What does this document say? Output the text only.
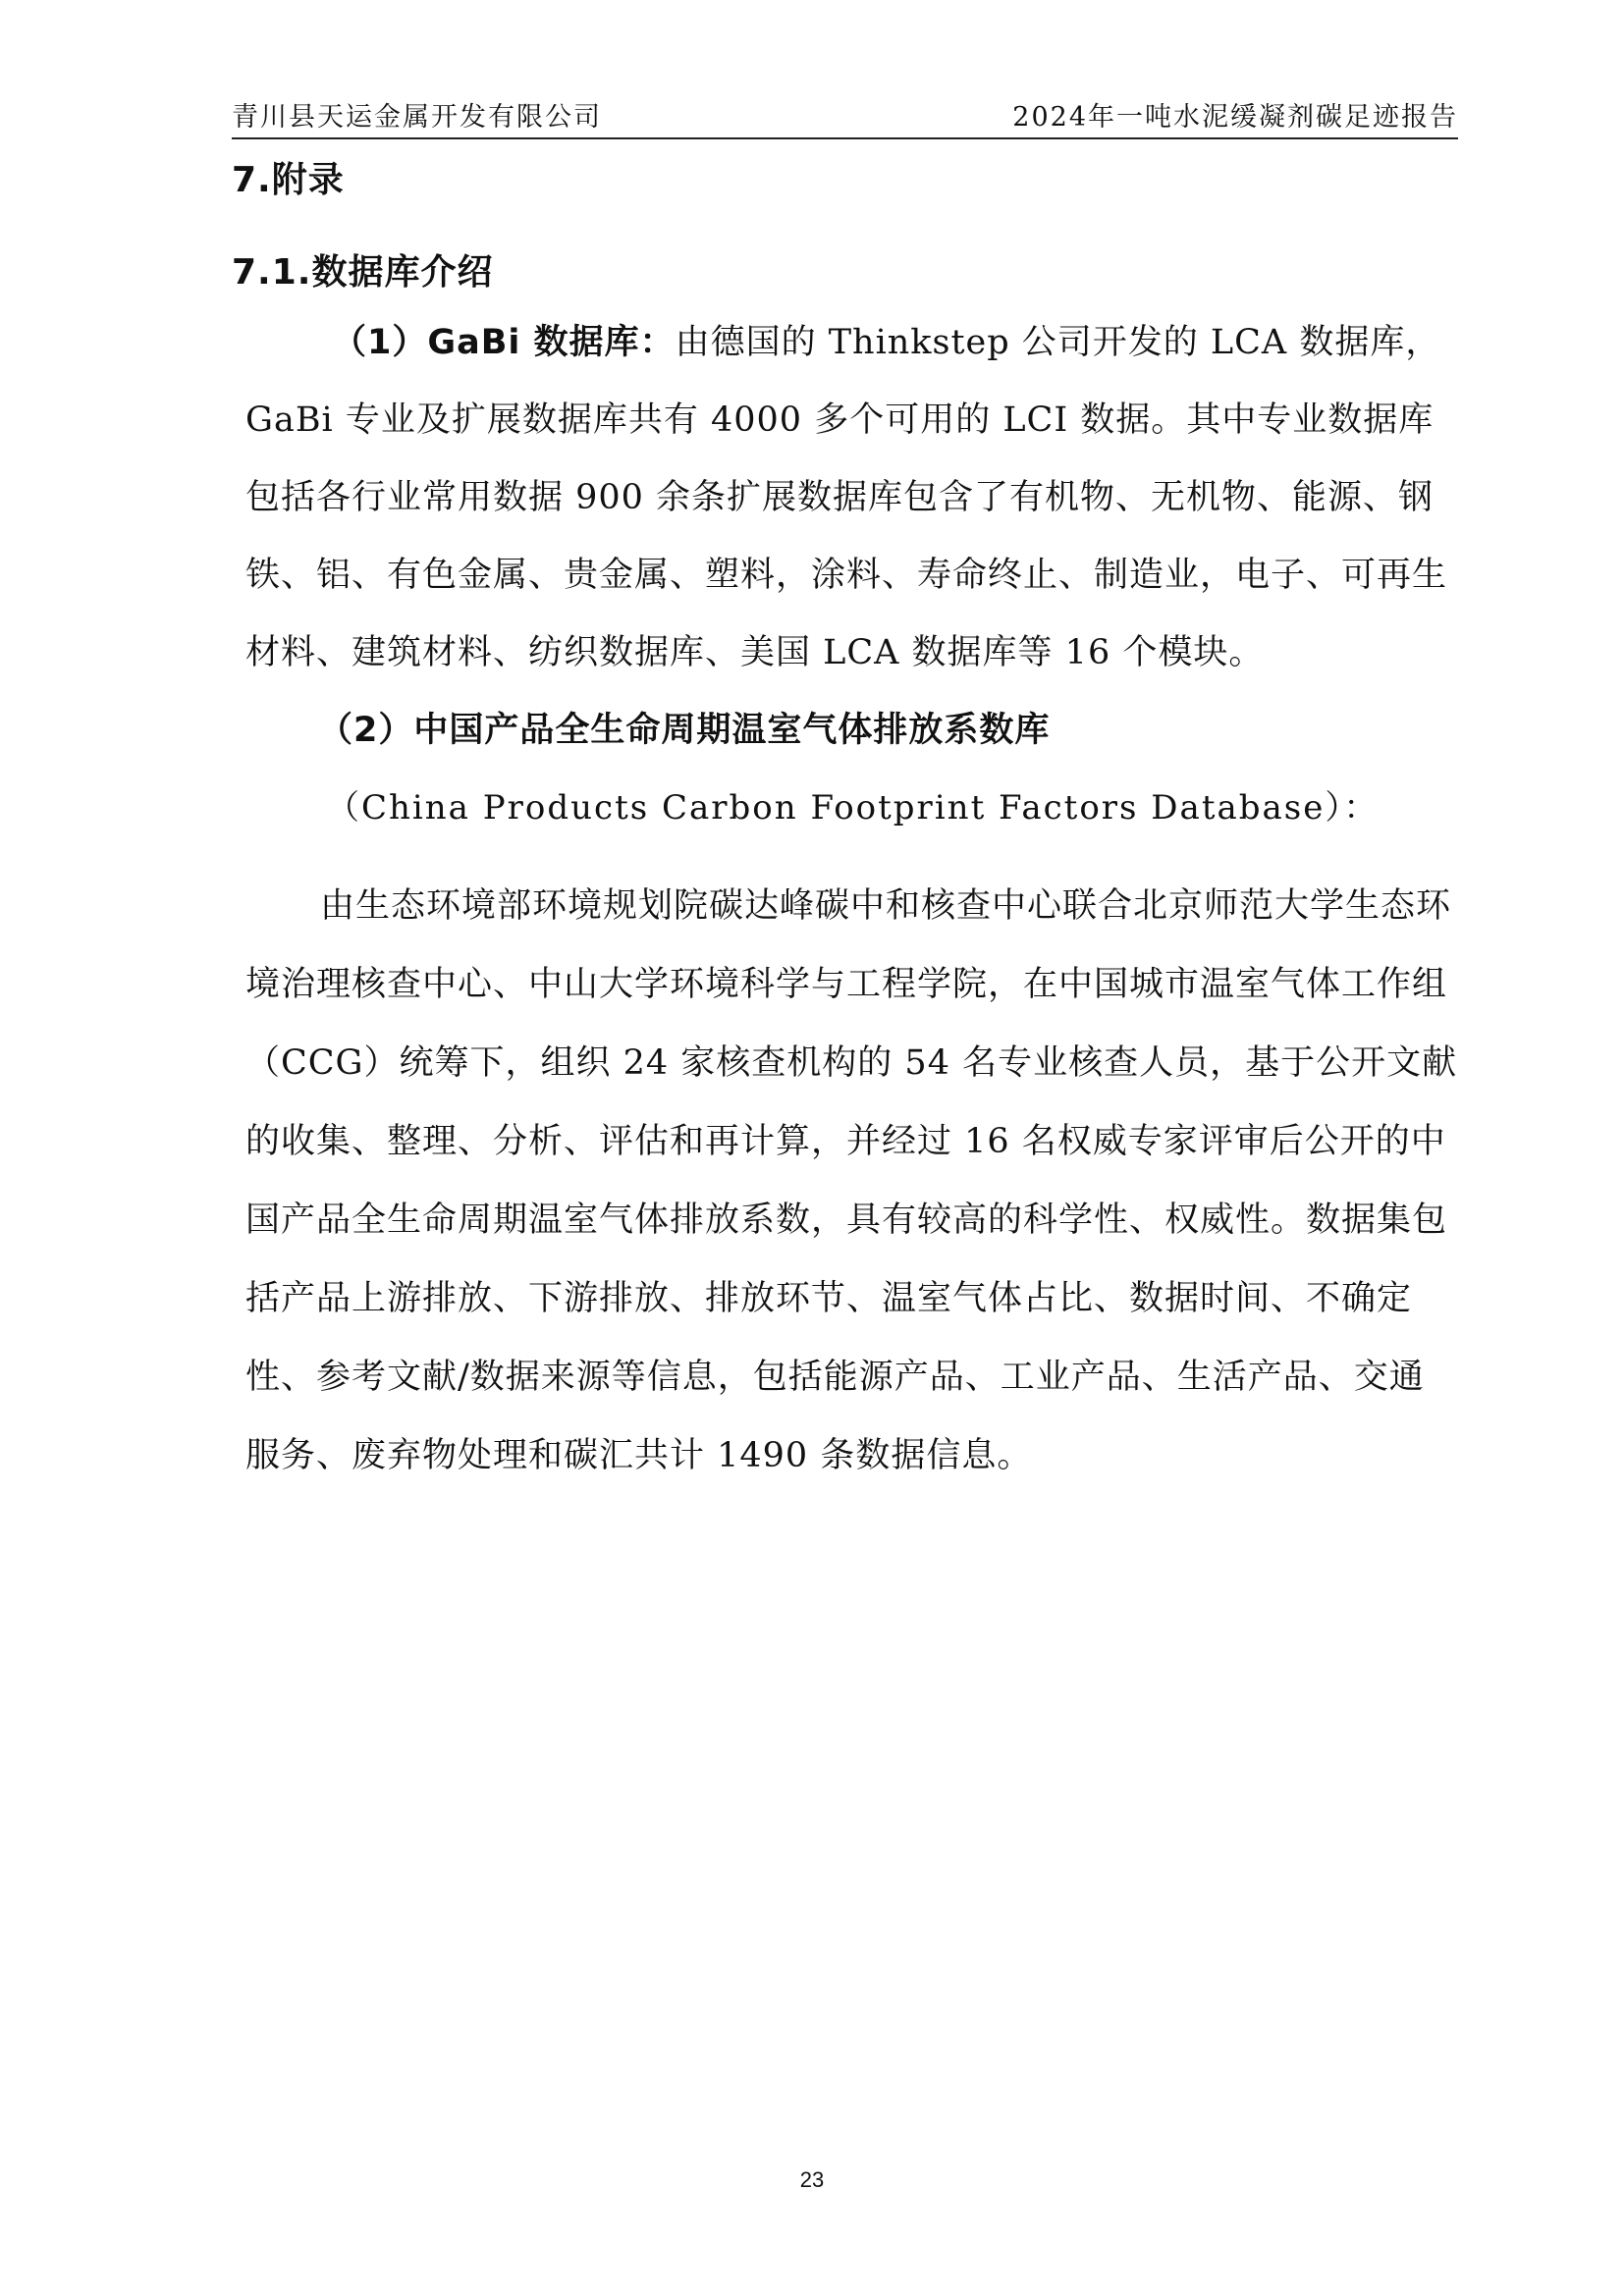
青川县天运金属开发有限公司	2024年一吨水泥缓凝剂碳足迹报告
7.附录
7.1.数据库介绍

（1）GaBi 数据库：由德国的 Thinkstep 公司开发的 LCA 数据库，GaBi 专业及扩展数据库共有 4000 多个可用的 LCI 数据。其中专业数据库包括各行业常用数据 900 余条扩展数据库包含了有机物、无机物、能源、钢铁、铝、有色金属、贵金属、塑料，涂料、寿命终止、制造业，电子、可再生材料、建筑材料、纺织数据库、美国 LCA 数据库等 16 个模块。

（2）中国产品全生命周期温室气体排放系数库

（China Products Carbon Footprint Factors Database）：

由生态环境部环境规划院碳达峰碳中和核查中心联合北京师范大学生态环境治理核查中心、中山大学环境科学与工程学院，在中国城市温室气体工作组（CCG）统筹下，组织 24 家核查机构的 54 名专业核查人员，基于公开文献的收集、整理、分析、评估和再计算，并经过 16 名权威专家评审后公开的中国产品全生命周期温室气体排放系数，具有较高的科学性、权威性。数据集包括产品上游排放、下游排放、排放环节、温室气体占比、数据时间、不确定性、参考文献/数据来源等信息，包括能源产品、工业产品、生活产品、交通服务、废弃物处理和碳汇共计 1490 条数据信息。

23
